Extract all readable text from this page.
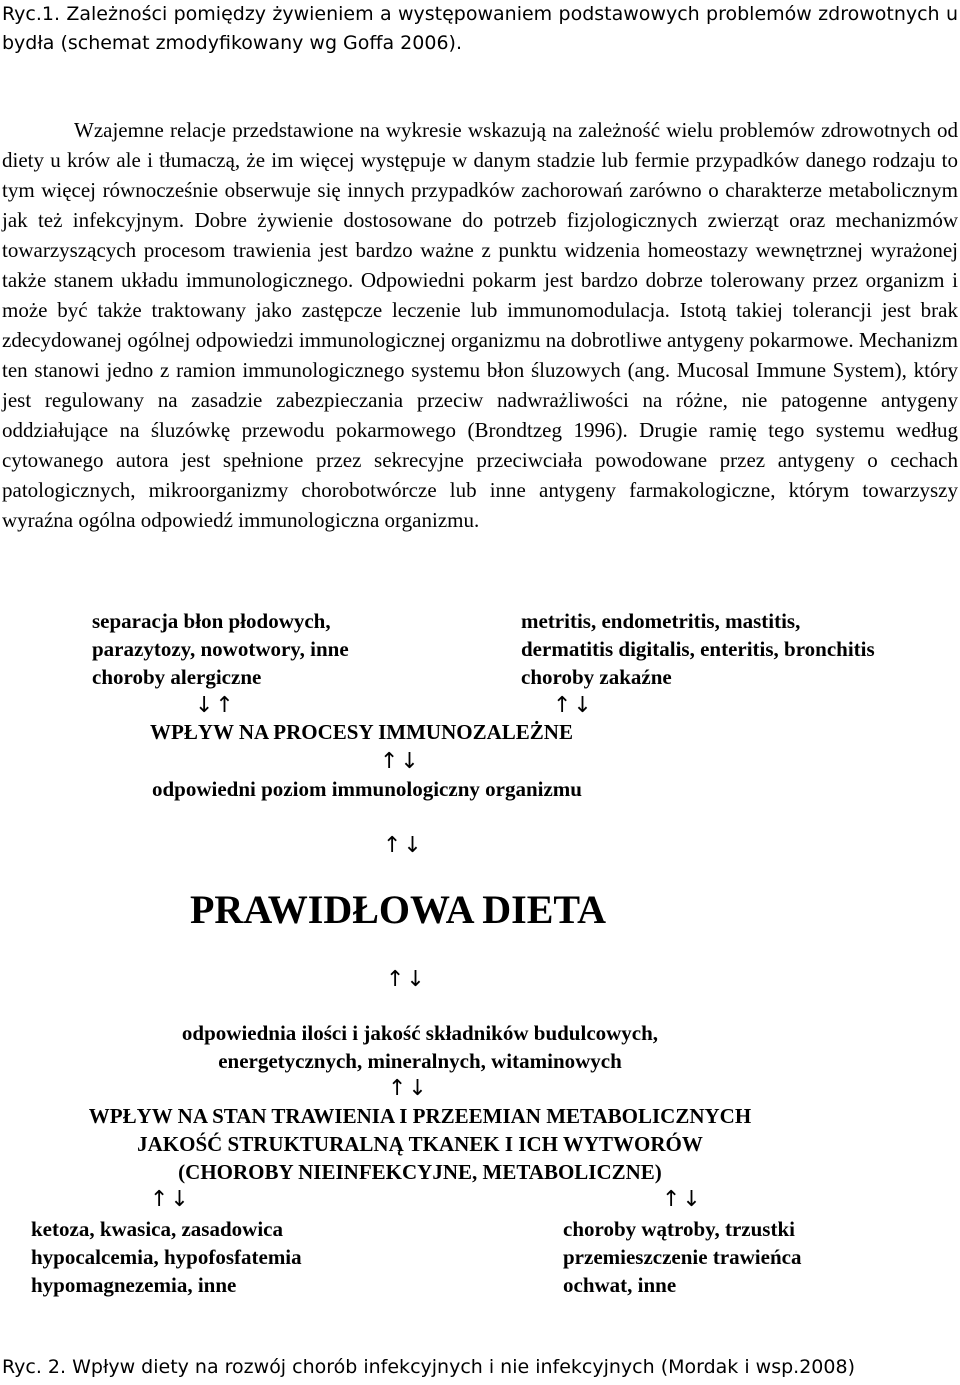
Ryc.1. Zależności pomiędzy żywieniem a występowaniem podstawowych problemów zdrowotnych u bydła (schemat zmodyfikowany wg Goffa 2006).
Wzajemne relacje przedstawione na wykresie wskazują na zależność wielu problemów zdrowotnych od diety u krów ale i tłumaczą, że im więcej występuje w danym stadzie lub fermie przypadków danego rodzaju to tym więcej równocześnie obserwuje się innych przypadków zachorowań zarówno o charakterze metabolicznym jak też infekcyjnym. Dobre żywienie dostosowane do potrzeb fizjologicznych zwierząt oraz mechanizmów towarzyszących procesom trawienia jest bardzo ważne z punktu widzenia homeostazy wewnętrznej wyrażonej także stanem układu immunologicznego. Odpowiedni pokarm jest bardzo dobrze tolerowany przez organizm i może być także traktowany jako zastępcze leczenie lub immunomodulacja. Istotą takiej tolerancji jest brak zdecydowanej ogólnej odpowiedzi immunologicznej organizmu na dobrotliwe antygeny pokarmowe. Mechanizm ten stanowi jedno z ramion immunologicznego systemu błon śluzowych (ang. Mucosal Immune System), który jest regulowany na zasadzie zabezpieczania przeciw nadwrażliwości na różne, nie patogenne antygeny oddziałujące na śluzówkę przewodu pokarmowego (Brondtzeg 1996). Drugie ramię tego systemu według cytowanego autora jest spełnione przez sekrecyjne przeciwciała powodowane przez antygeny o cechach patologicznych, mikroorganizmy chorobotwórcze lub inne antygeny farmakologiczne, którym towarzyszy wyraźna ogólna odpowiedź immunologiczna organizmu.
separacja błon płodowych,
parazytozy, nowotwory, inne
choroby alergiczne
metritis, endometritis, mastitis,
dermatitis digitalis, enteritis, bronchitis
choroby zakaźne
↓↑	↑↓
WPŁYW NA PROCESY IMMUNOZALEŻNE
↑↓
odpowiedni poziom immunologiczny organizmu
↑↓
PRAWIDŁOWA DIETA
↑↓
odpowiednia ilości i jakość składników budulcowych,
energetycznych, mineralnych, witaminowych
↑↓
WPŁYW NA STAN TRAWIENIA I PRZEEMIAN METABOLICZNYCH
JAKOŚĆ STRUKTURALNĄ TKANEK I ICH WYTWORÓW
(CHOROBY NIEINFEKCYJNE, METABOLICZNE)
↑↓	↑↓
ketoza, kwasica, zasadowica
hypocalcemia, hypofosfatemia
hypomagnezemia, inne
choroby wątroby, trzustki
przemieszczenie trawieńca
ochwat, inne
Ryc. 2. Wpływ diety na rozwój chorób infekcyjnych i nie infekcyjnych (Mordak i wsp.2008)
